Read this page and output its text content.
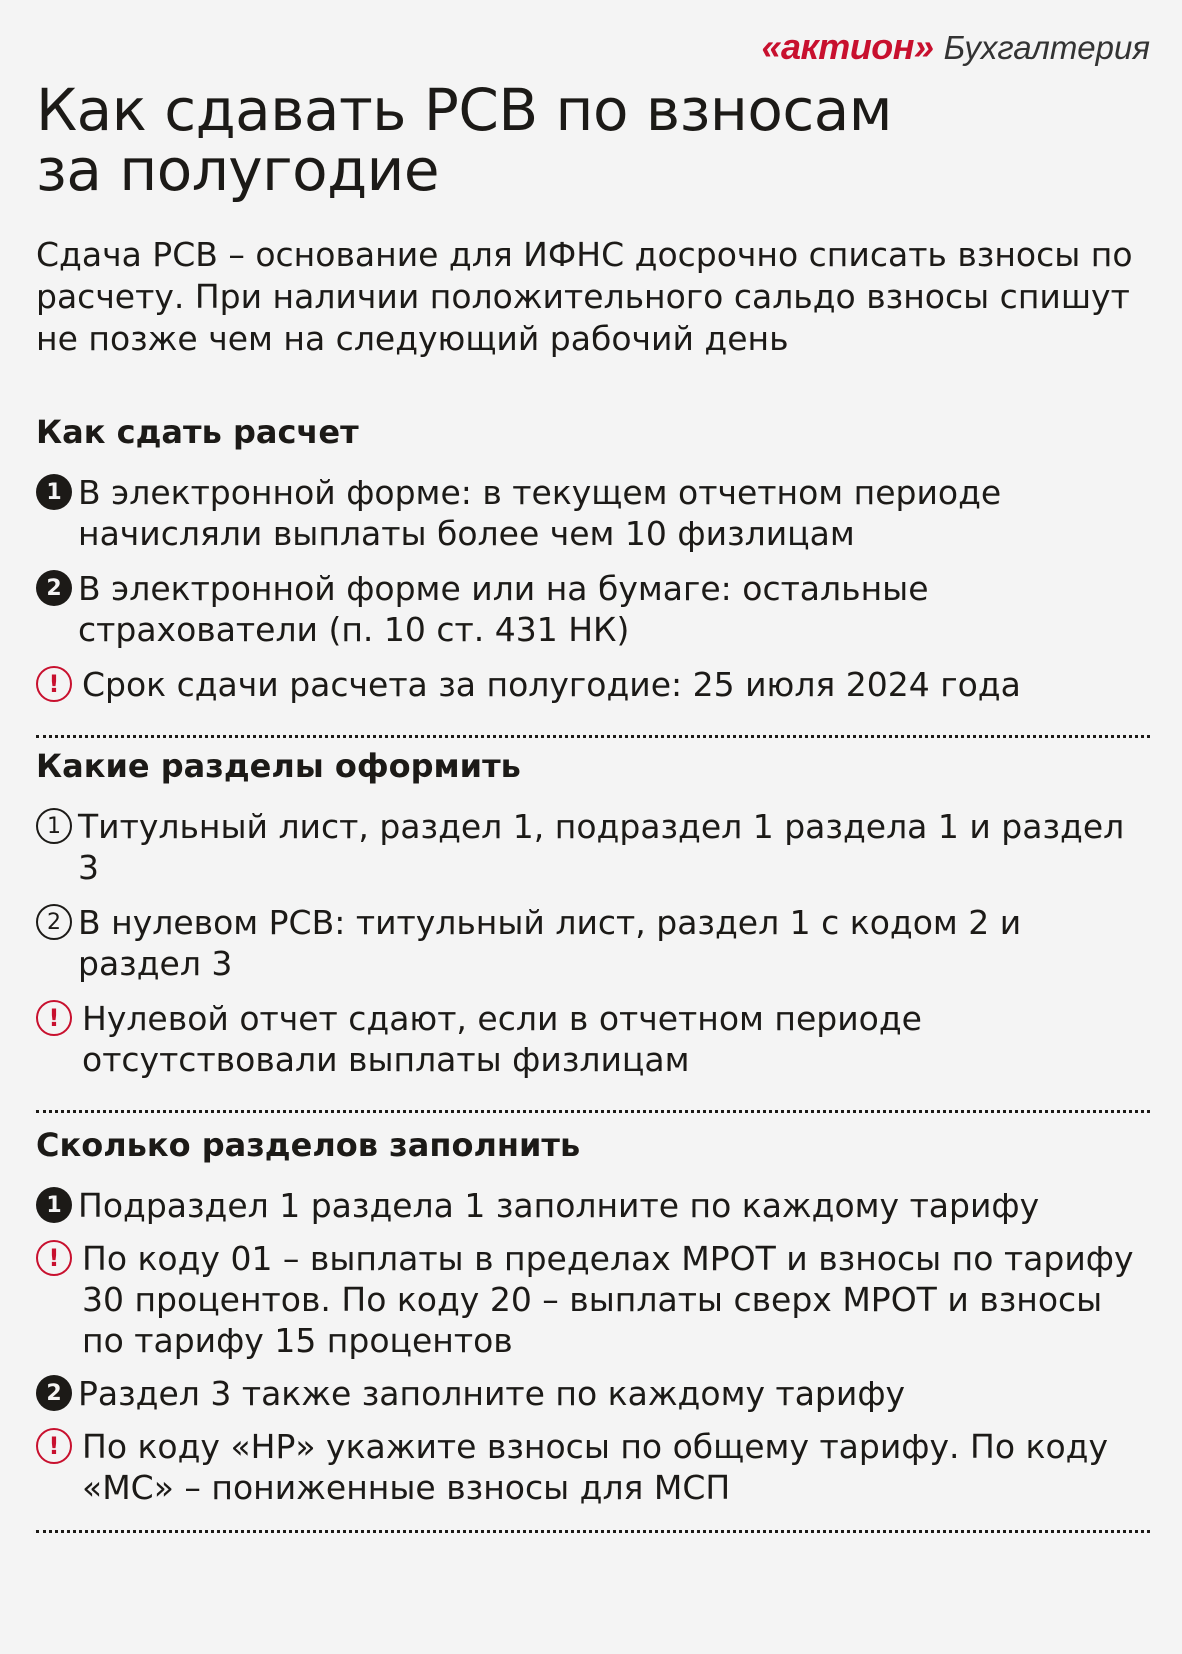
«актион» Бухгалтерия
Как сдавать РСВ по взносам за полугодие

Сдача РСВ – основание для ИФНС досрочно списать взносы по расчету. При наличии положительного сальдо взносы спишут не позже чем на следующий рабочий день

Как сдать расчет
1 В электронной форме: в текущем отчетном периоде начисляли выплаты более чем 10 физлицам
2 В электронной форме или на бумаге: остальные страхователи (п. 10 ст. 431 НК)
! Срок сдачи расчета за полугодие: 25 июля 2024 года
Какие разделы оформить
1 Титульный лист, раздел 1, подраздел 1 раздела 1 и раздел 3
2 В нулевом РСВ: титульный лист, раздел 1 с кодом 2 и раздел 3
! Нулевой отчет сдают, если в отчетном периоде отсутствовали выплаты физлицам
Сколько разделов заполнить
1 Подраздел 1 раздела 1 заполните по каждому тарифу
! По коду 01 – выплаты в пределах МРОТ и взносы по тарифу 30 процентов. По коду 20 – выплаты сверх МРОТ и взносы по тарифу 15 процентов
2 Раздел 3 также заполните по каждому тарифу
! По коду «НР» укажите взносы по общему тарифу. По коду «МС» – пониженные взносы для МСП
